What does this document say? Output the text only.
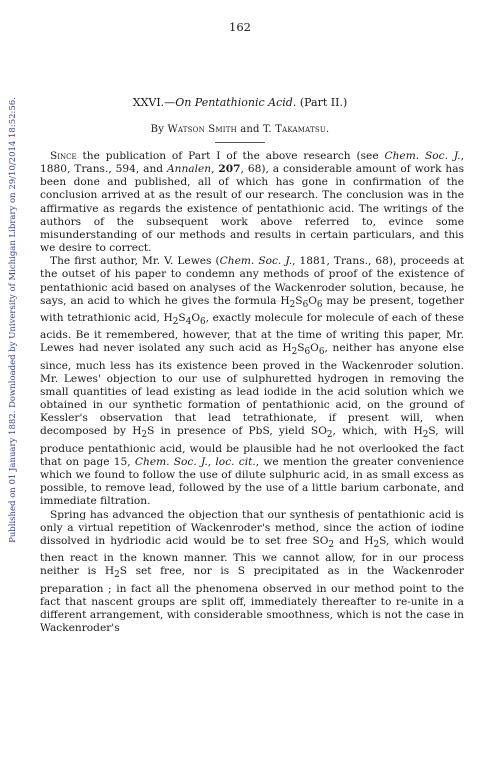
Published on 01 January 1882. Downloaded by University of Michigan Library on 29/10/2014 18:52:56.
162
XXVI.—On Pentathionic Acid. (Part II.)
By Watson Smith and T. Takamatsu.

Since the publication of Part I of the above research (see Chem. Soc. J., 1880, Trans., 594, and Annalen, 207, 68), a considerable amount of work has been done and published, all of which has gone in confirmation of the conclusion arrived at as the result of our research. The conclusion was in the affirmative as regards the existence of pentathionic acid. The writings of the authors of the subsequent work above referred to, evince some misunderstanding of our methods and results in certain particulars, and this we desire to correct.

The first author, Mr. V. Lewes (Chem. Soc. J., 1881, Trans., 68), proceeds at the outset of his paper to condemn any methods of proof of the existence of pentathionic acid based on analyses of the Wackenroder solution, because, he says, an acid to which he gives the formula $H_2S_6O_6$ may be present, together with tetrathionic acid, $H_2S_4O_6$, exactly molecule for molecule of each of these acids. Be it remembered, however, that at the time of writing this paper, Mr. Lewes had never isolated any such acid as $H_2S_6O_6$, neither has anyone else since, much less has its existence been proved in the Wackenroder solution. Mr. Lewes' objection to our use of sulphuretted hydrogen in removing the small quantities of lead existing as lead iodide in the acid solution which we obtained in our synthetic formation of pentathionic acid, on the ground of Kessler's observation that lead tetrathionate, if present will, when decomposed by $H_2S$ in presence of PbS, yield $SO_2$, which, with $H_2S$, will produce pentathionic acid, would be plausible had he not overlooked the fact that on page 15, Chem. Soc. J., loc. cit., we mention the greater convenience which we found to follow the use of dilute sulphuric acid, in as small excess as possible, to remove lead, followed by the use of a little barium carbonate, and immediate filtration.

Spring has advanced the objection that our synthesis of pentathionic acid is only a virtual repetition of Wackenroder's method, since the action of iodine dissolved in hydriodic acid would be to set free $SO_2$ and $H_2S$, which would then react in the known manner. This we cannot allow, for in our process neither is $H_2S$ set free, nor is S precipitated as in the Wackenroder preparation ; in fact all the phenomena observed in our method point to the fact that nascent groups are split off, immediately thereafter to re-unite in a different arrangement, with considerable smoothness, which is not the case in Wackenroder's
